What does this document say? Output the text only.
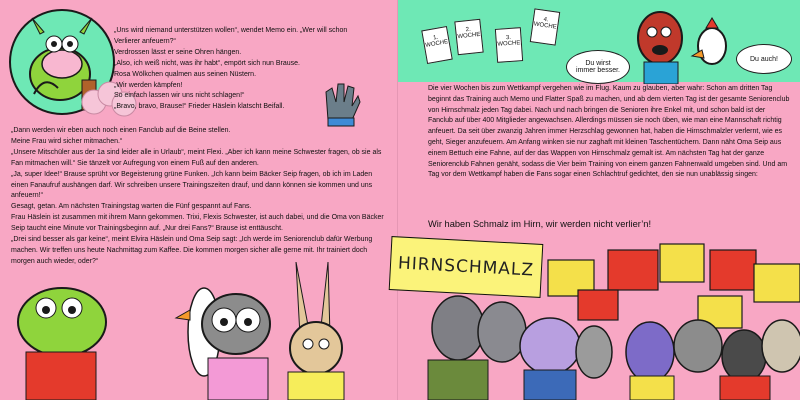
„Uns wird niemand unterstützen wollen“, wendet Memo ein. „Wer will schon Verlierer anfeuern?“
Verdrossen lässt er seine Ohren hängen.
„Also, ich weiß nicht, was ihr habt“, empört sich nun Brause.
Rosa Wölkchen qualmen aus seinen Nüstern.
„Wir werden kämpfen!
So einfach lassen wir uns nicht schlagen!“
„Bravo, bravo, Brause!“ Frieder Häslein klatscht Beifall.
„Dann werden wir eben auch noch einen Fanclub auf die Beine stellen.
Meine Frau wird sicher mitmachen.“
„Unsere Mitschüler aus der 1a sind leider alle in Urlaub“, meint Flexi. „Aber ich kann meine Schwester fragen, ob sie als Fan mitmachen will.“ Sie tänzelt vor Aufregung von einem Fuß auf den anderen.
„Ja, super Idee!“ Brause sprüht vor Begeisterung grüne Funken. „Ich kann beim Bäcker Seip fragen, ob ich im Laden einen Fanaufruf aushängen darf. Wir schreiben unsere Trainingszeiten drauf, und dann können sie kommen und uns anfeuern!“
Gesagt, getan. Am nächsten Trainingstag warten die Fünf gespannt auf Fans.
Frau Häslein ist zusammen mit ihrem Mann gekommen. Trixi, Flexis Schwester, ist auch dabei, und die Oma von Bäcker Seip taucht eine Minute vor Trainingsbeginn auf. „Nur drei Fans?“ Brause ist enttäuscht.
„Drei sind besser als gar keine“, meint Elvira Häslein und Oma Seip sagt: „Ich werde im Seniorenclub dafür Werbung machen. Wir treffen uns heute Nachmittag zum Kaffee. Die kommen morgen sicher alle gerne mit. Ihr trainiert doch morgen auch wieder, oder?“
1.
WOCHE
2.
WOCHE	3.
WOCHE
4.
WOCHE
Du wirst
immer besser.
Du auch!
Die vier Wochen bis zum Wettkampf vergehen wie im Flug. Kaum zu glauben, aber wahr: Schon am dritten Tag beginnt das Training auch Memo und Flatter Spaß zu machen, und ab dem vierten Tag ist der gesamte Seniorenclub von Hirnschmalz jeden Tag dabei. Nach und nach bringen die Senioren ihre Enkel mit, und schon bald ist der Fanclub auf über 400 Mitglieder angewachsen. Allerdings müssen sie noch üben, wie man eine Mannschaft richtig anfeuert. Da seit über zwanzig Jahren immer Herzschlag gewonnen hat, haben die Hirnschmalzler verlernt, wie es geht, Sieger anzufeuern. Am Anfang winken sie nur zaghaft mit kleinen Taschentüchern. Dann näht Oma Seip aus einem Bettuch eine Fahne, auf der das Wappen von Hirnschmalz gemalt ist. Am nächsten Tag hat der ganze Seniorenclub Fahnen genäht, sodass die Vier beim Training von einem ganzen Fahnenwald umgeben sind. Und am Tag vor dem Wettkampf haben die Fans sogar einen Schlachtruf gedichtet, den sie nun unablässig singen:
Wir haben Schmalz im Hirn, wir werden nicht verlier’n!
HIRNSCHMALZ
